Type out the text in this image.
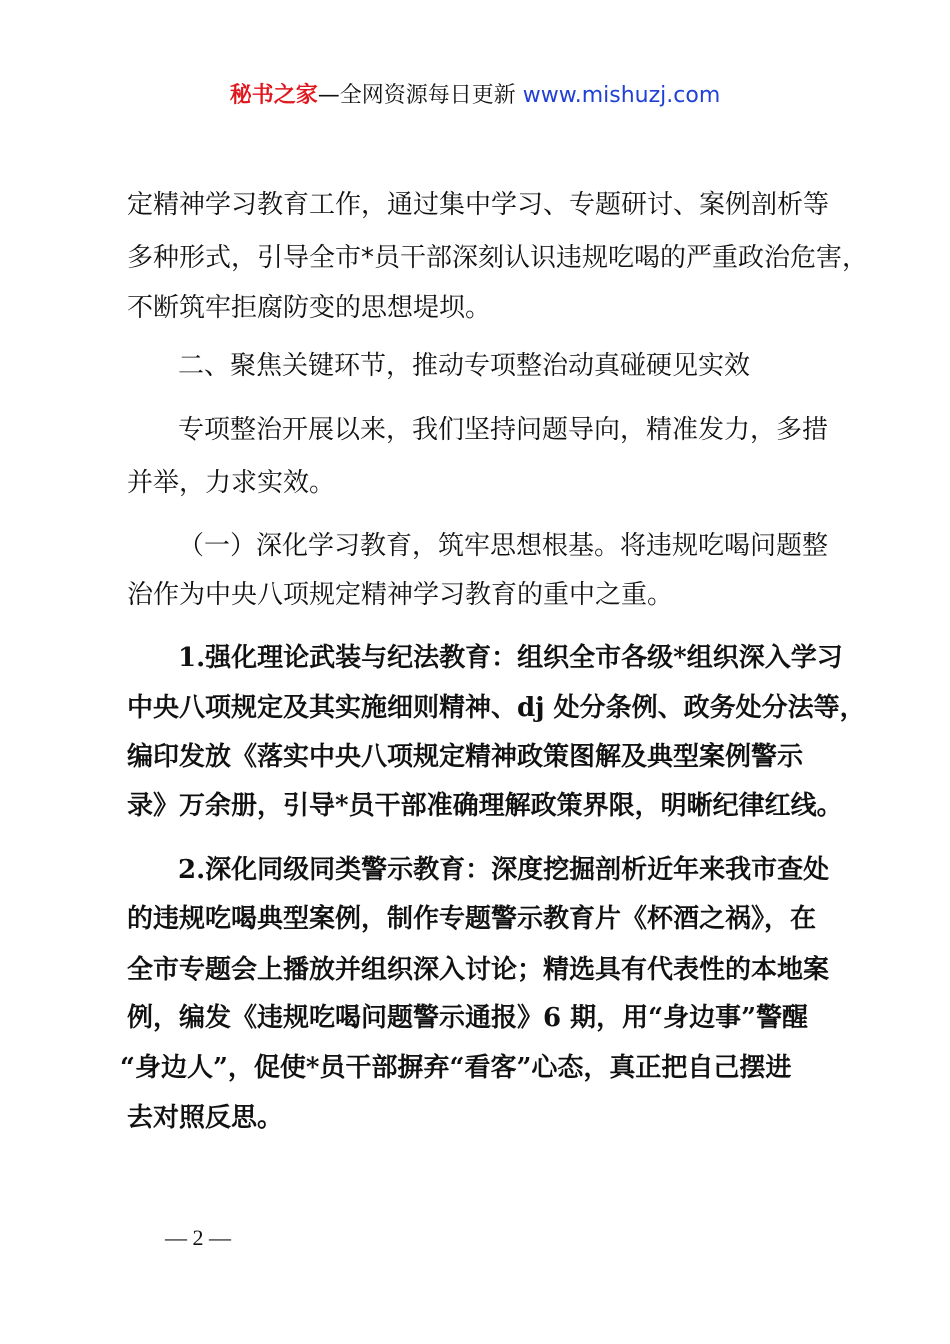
秘书之家—全网资源每日更新 www.mishuzj.com
定精神学习教育工作，通过集中学习、专题研讨、案例剖析等
多种形式，引导全市*员干部深刻认识违规吃喝的严重政治危害，
不断筑牢拒腐防变的思想堤坝。
二、聚焦关键环节，推动专项整治动真碰硬见实效
专项整治开展以来，我们坚持问题导向，精准发力，多措
并举，力求实效。
（一）深化学习教育，筑牢思想根基。将违规吃喝问题整
治作为中央八项规定精神学习教育的重中之重。
1.强化理论武装与纪法教育：组织全市各级*组织深入学习
中央八项规定及其实施细则精神、dj 处分条例、政务处分法等，
编印发放《落实中央八项规定精神政策图解及典型案例警示
录》万余册，引导*员干部准确理解政策界限，明晰纪律红线。
2.深化同级同类警示教育：深度挖掘剖析近年来我市查处
的违规吃喝典型案例，制作专题警示教育片《杯酒之祸》，在
全市专题会上播放并组织深入讨论；精选具有代表性的本地案
例，编发《违规吃喝问题警示通报》6 期，用“身边事”警醒
“身边人”，促使*员干部摒弃“看客”心态，真正把自己摆进
去对照反思。
— 2 —
